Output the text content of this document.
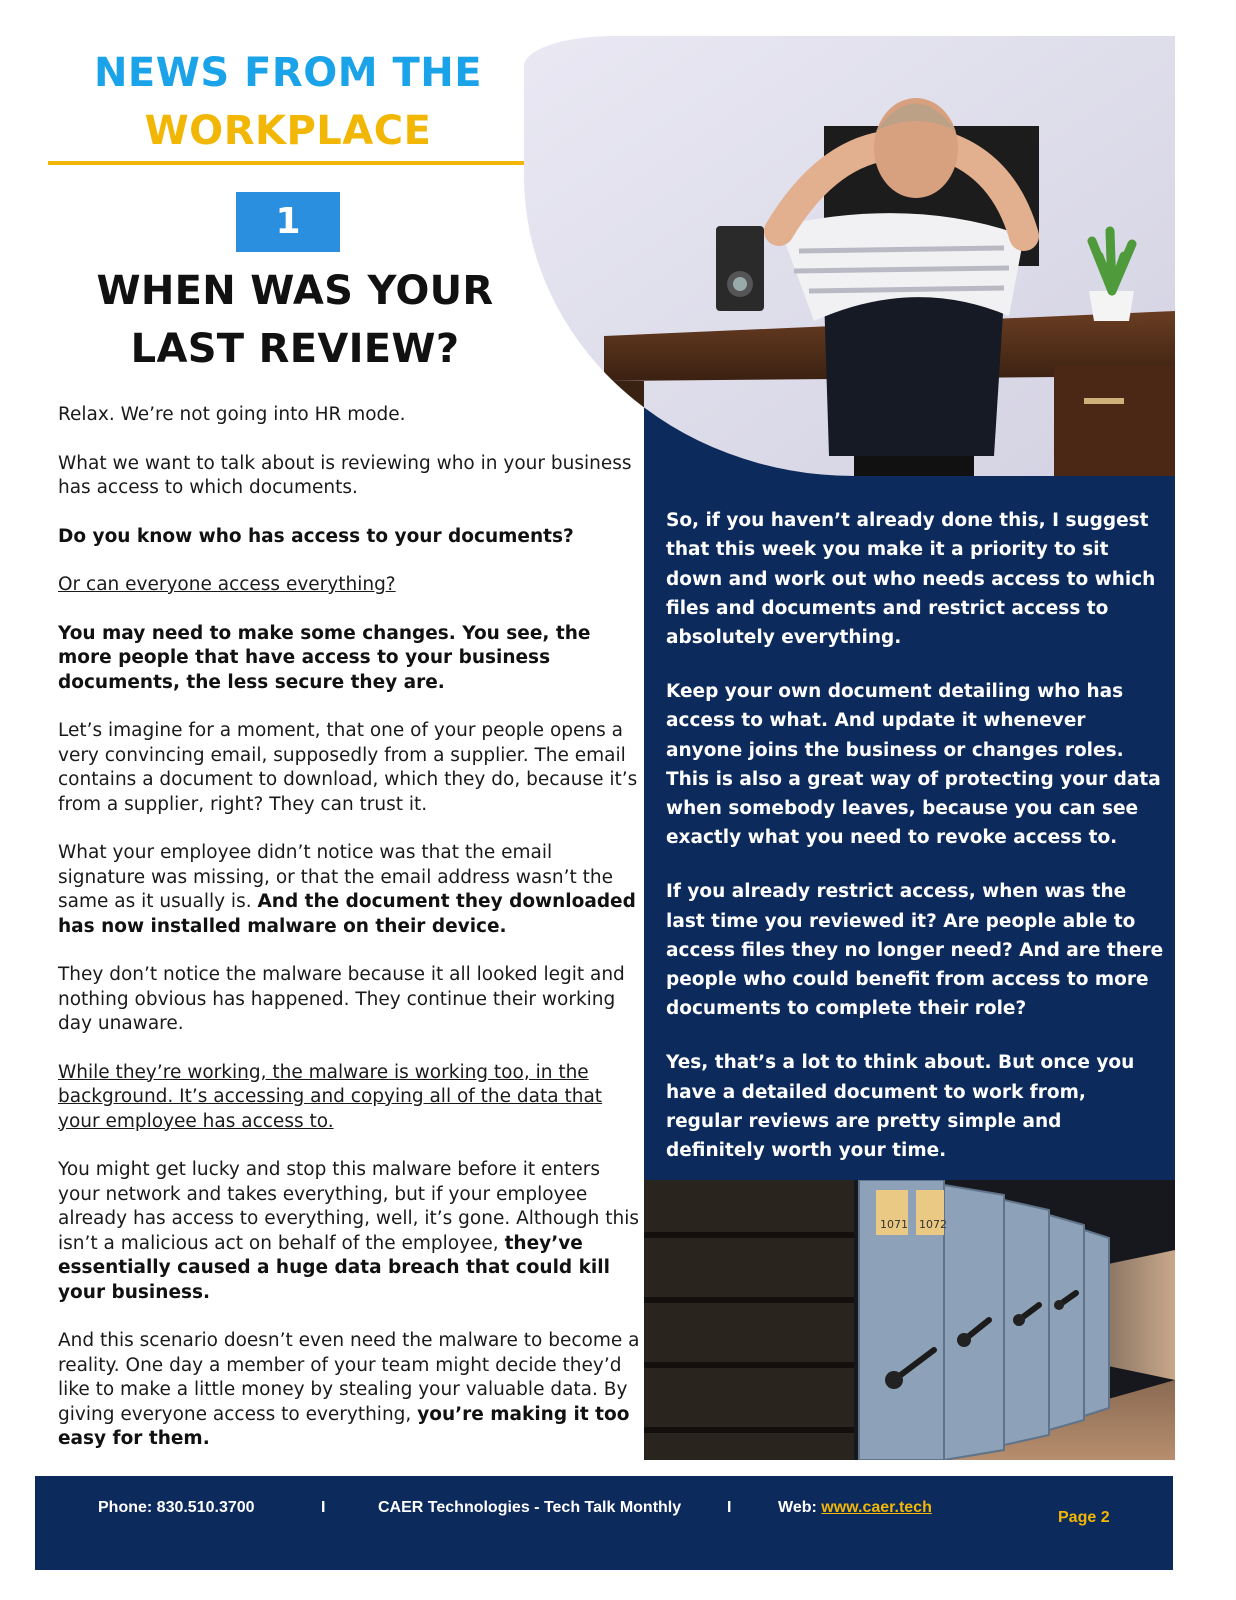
NEWS FROM THE
WORKPLACE
1
WHEN WAS YOUR
LAST REVIEW?

Relax. We’re not going into HR mode.

What we want to talk about is reviewing who in your business has access to which documents.

Do you know who has access to your documents?

Or can everyone access everything?

You may need to make some changes. You see, the more people that have access to your business documents, the less secure they are.

Let’s imagine for a moment, that one of your people opens a very convincing email, supposedly from a supplier. The email contains a document to download, which they do, because it’s from a supplier, right? They can trust it.

What your employee didn’t notice was that the email signature was missing, or that the email address wasn’t the same as it usually is. And the document they downloaded has now installed malware on their device.

They don’t notice the malware because it all looked legit and nothing obvious has happened. They continue their working day unaware.

While they’re working, the malware is working too, in the background. It’s accessing and copying all of the data that your employee has access to.

You might get lucky and stop this malware before it enters your network and takes everything, but if your employee already has access to everything, well, it’s gone. Although this isn’t a malicious act on behalf of the employee, they’ve essentially caused a huge data breach that could kill your business.

And this scenario doesn’t even need the malware to become a reality. One day a member of your team might decide they’d like to make a little money by stealing your valuable data. By giving everyone access to everything, you’re making it too easy for them.

So, if you haven’t already done this, I suggest that this week you make it a priority to sit down and work out who needs access to which files and documents and restrict access to absolutely everything.

Keep your own document detailing who has access to what. And update it whenever anyone joins the business or changes roles. This is also a great way of protecting your data when somebody leaves, because you can see exactly what you need to revoke access to.

If you already restrict access, when was the last time you reviewed it? Are people able to access files they no longer need? And are there people who could benefit from access to more documents to complete their role?

Yes, that’s a lot to think about. But once you have a detailed document to work from, regular reviews are pretty simple and definitely worth your time.

1071 1072
Phone: 830.510.3700	I	CAER Technologies - Tech Talk Monthly	I	Web: www.caer.tech
Page 2
